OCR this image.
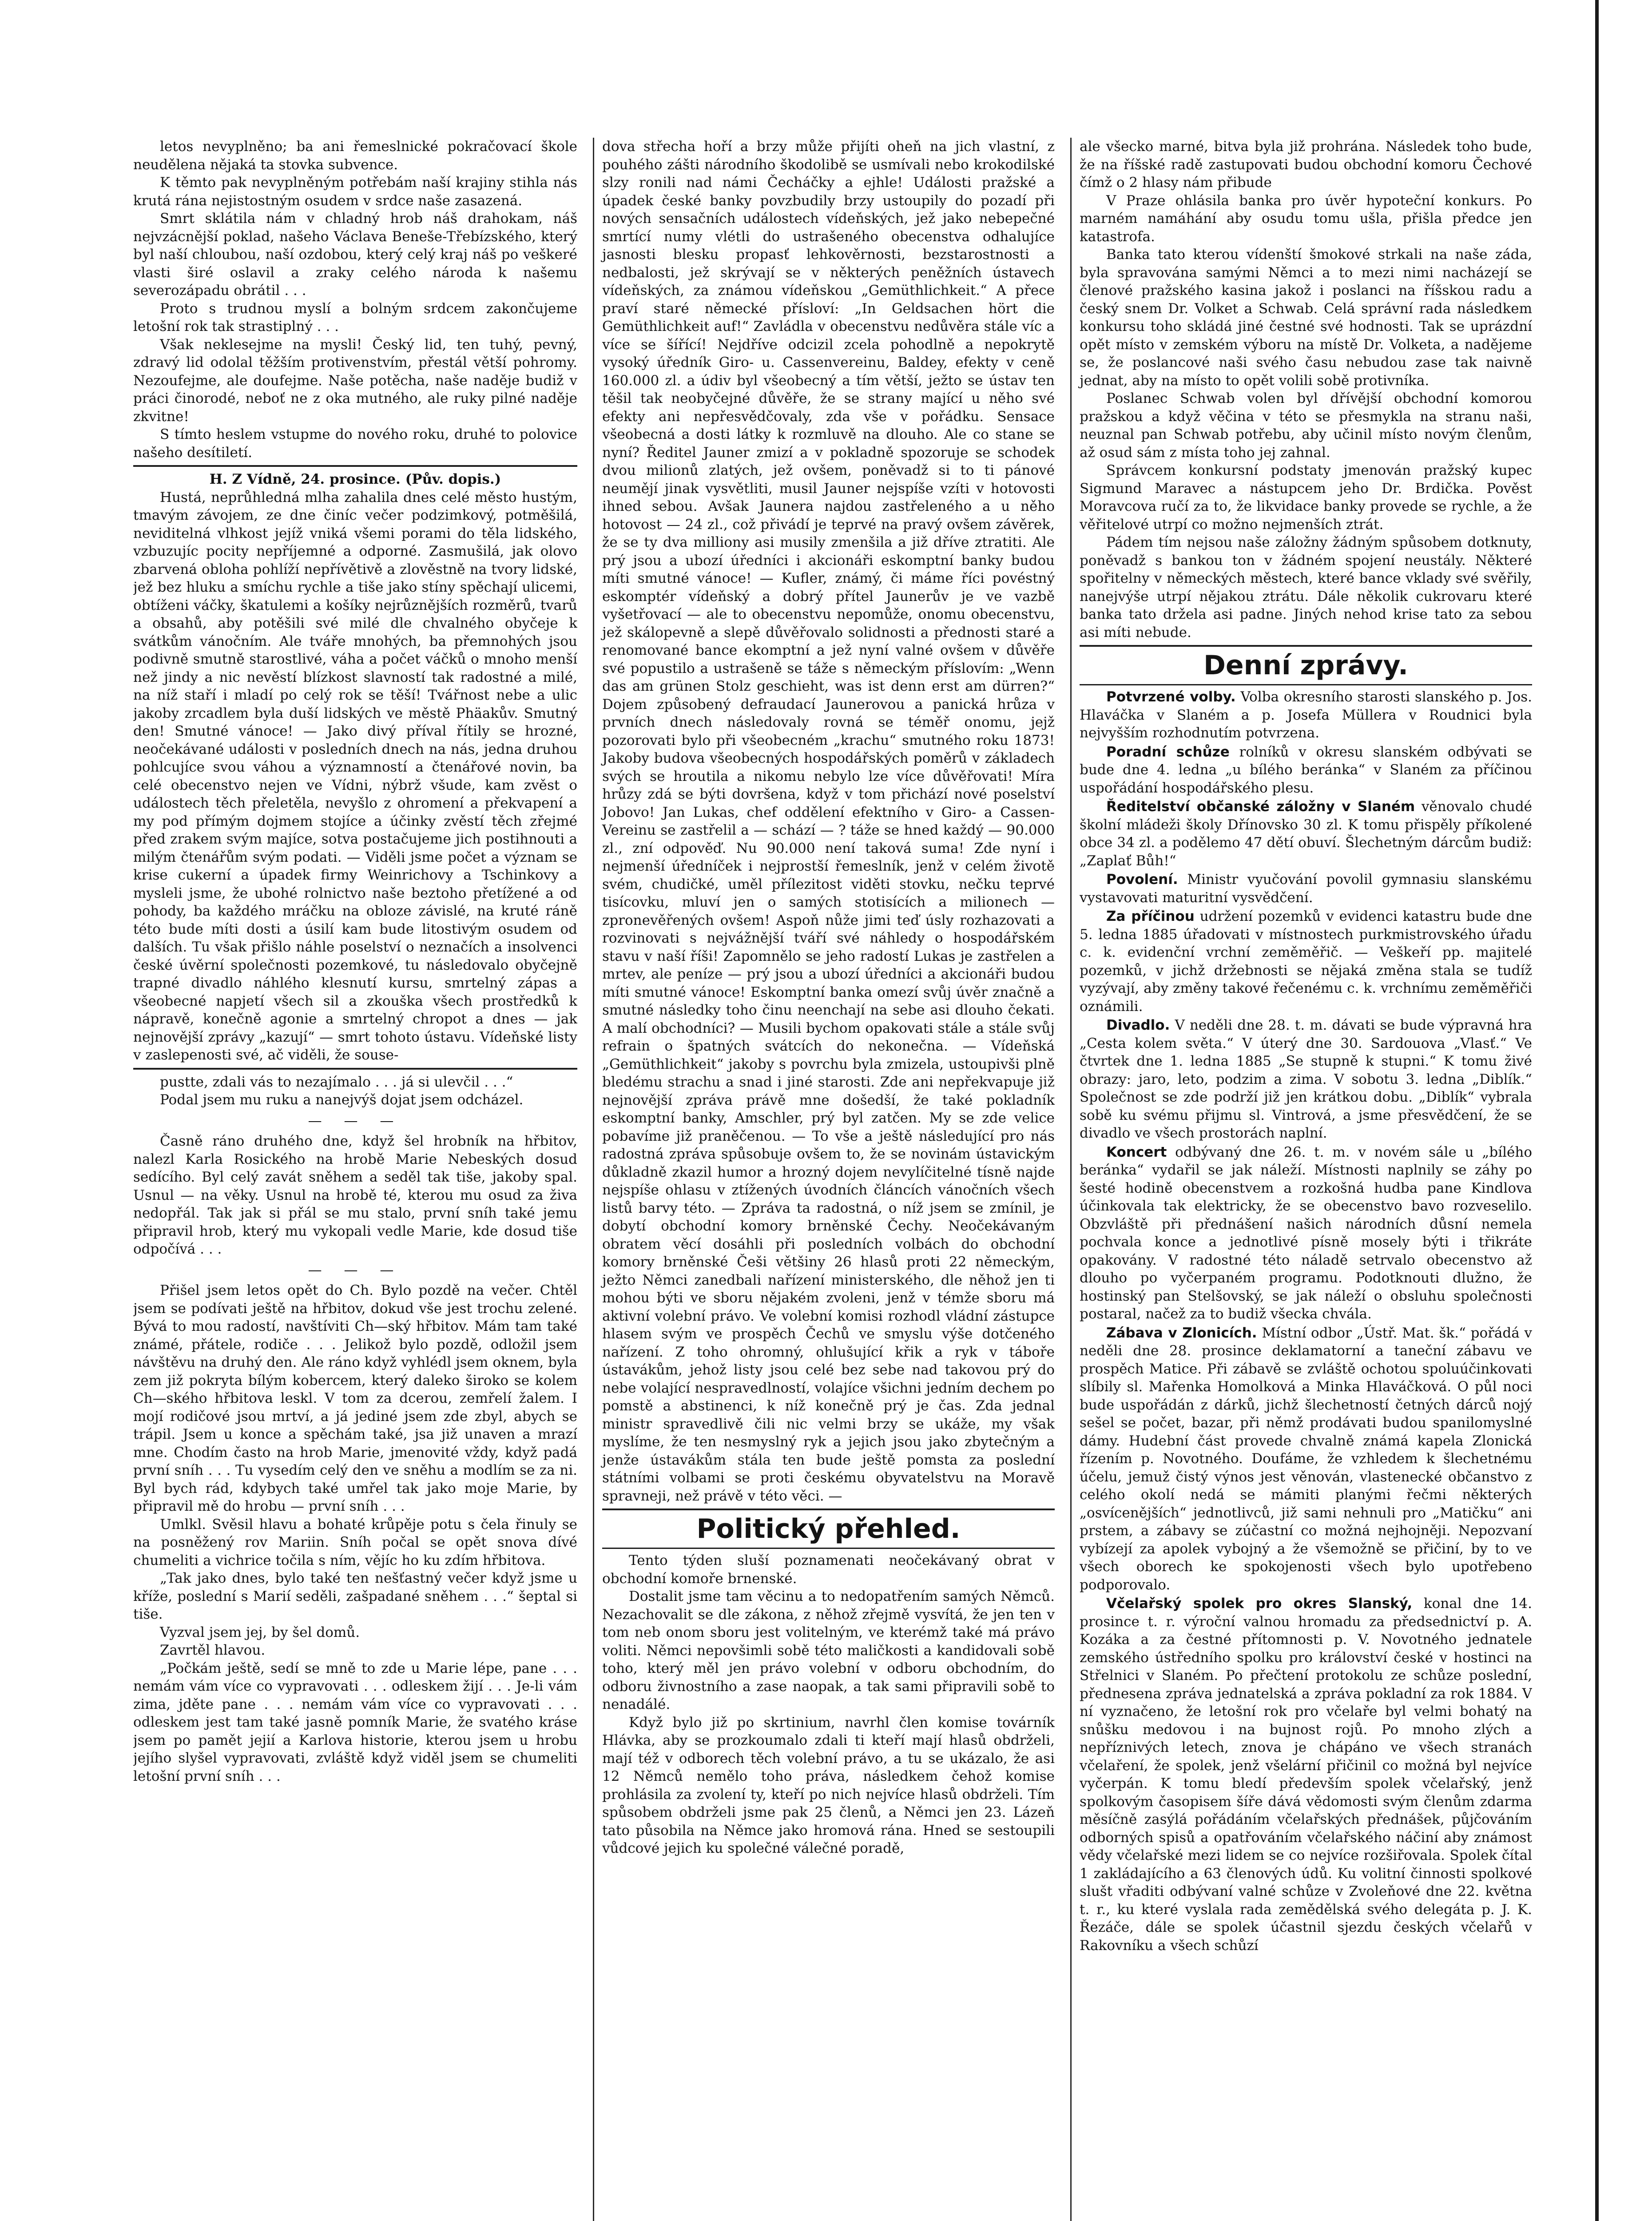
letos nevyplněno; ba ani řemeslnické pokračovací škole neudělena nějaká ta stovka subvence.

K těmto pak nevyplněným potřebám naší krajiny stihla nás krutá rána nejistostným osudem v srdce naše zasazená.

Smrt sklátila nám v chladný hrob náš drahokam, náš nejvzácnější poklad, našeho Václava Beneše-Třebízského, který byl naší chloubou, naší ozdobou, který celý kraj náš po veškeré vlasti širé oslavil a zraky celého národa k našemu severozápadu obrátil . . .

Proto s trudnou myslí a bolným srdcem zakončujeme letošní rok tak strastiplný . . .

Však neklesejme na mysli! Český lid, ten tuhý, pevný, zdravý lid odolal těžším protivenstvím, přestál větší pohromy. Nezoufejme, ale doufejme. Naše potěcha, naše naděje budiž v práci činorodé, neboť ne z oka mutného, ale ruky pilné naděje zkvitne!

S tímto heslem vstupme do nového roku, druhé to polovice našeho desítiletí.

H. Z Vídně, 24. prosince. (Pův. dopis.)

Hustá, neprůhledná mlha zahalila dnes celé město hustým, tmavým závojem, ze dne činíc večer podzimkový, potměšilá, neviditelná vlhkost jejíž vniká všemi porami do těla lidského, vzbuzujíc pocity nepříjemné a odporné. Zasmušilá, jak olovo zbarvená obloha pohlíží nepřívětivě a zlověstně na tvory lidské, jež bez hluku a smíchu rychle a tiše jako stíny spěchají ulicemi, obtíženi váčky, škatulemi a košíky nejrůznějších rozměrů, tvarů a obsahů, aby potěšili své milé dle chvalného obyčeje k svátkům vánočním. Ale tváře mnohých, ba přemnohých jsou podivně smutně starostlivé, váha a počet váčků o mnoho menší než jindy a nic nevěstí blízkost slavností tak radostné a milé, na níž staří i mladí po celý rok se těší! Tvářnost nebe a ulic jakoby zrcadlem byla duší lidských ve městě Phäakův. Smutný den! Smutné vánoce! — Jako divý příval řítily se hrozné, neočekávané události v posledních dnech na nás, jedna druhou pohlcujíce svou váhou a významností a čtenářové novin, ba celé obecenstvo nejen ve Vídni, nýbrž všude, kam zvěst o událostech těch přeletěla, nevyšlo z ohromení a překvapení a my pod přímým dojmem stojíce a účinky zvěstí těch zřejmé před zrakem svým majíce, sotva postačujeme jich postihnouti a milým čtenářům svým podati. — Viděli jsme počet a význam se krise cukerní a úpadek firmy Weinrichovy a Tschinkovy a mysleli jsme, že ubohé rolnictvo naše beztoho přetížené a od pohody, ba každého mráčku na obloze závislé, na kruté ráně této bude míti dosti a úsilí kam bude litostivým osudem od dalších. Tu však přišlo náhle poselství o neznačích a insolvenci české úvěrní společnosti pozemkové, tu následovalo obyčejně trapné divadlo náhlého klesnutí kursu, smrtelný zápas a všeobecné napjetí všech sil a zkouška všech prostředků k nápravě, konečně agonie a smrtelný chropot a dnes — jak nejnovější zprávy „kazují“ — smrt tohoto ústavu. Vídeňské listy v zaslepenosti své, ač viděli, že souse-

pustte, zdali vás to nezajímalo . . . já si ulevčil . . .“

Podal jsem mu ruku a nanejvýš dojat jsem odcházel.

— — —

Časně ráno druhého dne, když šel hrobník na hřbitov, nalezl Karla Rosického na hrobě Marie Nebeských dosud sedícího. Byl celý zavát sněhem a seděl tak tiše, jakoby spal. Usnul — na věky. Usnul na hrobě té, kterou mu osud za živa nedopřál. Tak jak si přál se mu stalo, první sníh také jemu připravil hrob, který mu vykopali vedle Marie, kde dosud tiše odpočívá . . .

— — —

Přišel jsem letos opět do Ch. Bylo pozdě na večer. Chtěl jsem se podívati ještě na hřbitov, dokud vše jest trochu zelené. Bývá to mou radostí, navštíviti Ch—ský hřbitov. Mám tam také známé, přátele, rodiče . . . Jelikož bylo pozdě, odložil jsem návštěvu na druhý den. Ale ráno když vyhlédl jsem oknem, byla zem již pokryta bílým kobercem, který daleko široko se kolem Ch—ského hřbitova leskl. V tom za dcerou, zemřelí žalem. I mojí rodičové jsou mrtví, a já jediné jsem zde zbyl, abych se trápil. Jsem u konce a spěchám také, jsa již unaven a mrazí mne. Chodím často na hrob Marie, jmenovité vždy, když padá první sníh . . . Tu vysedím celý den ve sněhu a modlím se za ni. Byl bych rád, kdybych také umřel tak jako moje Marie, by připravil mě do hrobu — první sníh . . .

Umlkl. Svěsil hlavu a bohaté krůpěje potu s čela řinuly se na posněžený rov Mariin. Sníh počal se opět snova dívé chumeliti a vichrice točila s ním, vějíc ho ku zdím hřbitova.

„Tak jako dnes, bylo také ten nešťastný večer když jsme u kříže, poslední s Marií seděli, zašpadané sněhem . . .“ šeptal si tiše.

Vyzval jsem jej, by šel domů.

Zavrtěl hlavou.

„Počkám ještě, sedí se mně to zde u Marie lépe, pane . . . nemám vám více co vypravovati . . . odleskem žijí . . . Je-li vám zima, jděte pane . . . nemám vám více co vypravovati . . . odleskem jest tam také jasně pomník Marie, že svatého kráse jsem po pamět jejií a Karlova historie, kterou jsem u hrobu jejího slyšel vypravovati, zvláště když viděl jsem se chumeliti letošní první sníh . . .

dova střecha hoří a brzy může přijíti oheň na jich vlastní, z pouhého zášti národního škodolibě se usmívali nebo krokodilské slzy ronili nad námi Čecháčky a ejhle! Události pražské a úpadek české banky povzbudily brzy ustoupily do pozadí při nových sensačních událostech vídeňských, jež jako nebepečné smrtící numy vlétli do ustrašeného obecenstva odhalujíce jasnosti blesku propasť lehkověrnosti, bezstarostnosti a nedbalosti, jež skrývají se v některých peněžních ústavech vídeňských, za známou vídeňskou „Gemüthlichkeit.“ A přece praví staré německé přísloví: „In Geldsachen hört die Gemüthlichkeit auf!“ Zavládla v obecenstvu nedůvěra stále víc a více se šířící! Nejdříve odcizil zcela pohodlně a nepokrytě vysoký úředník Giro- u. Cassenvereinu, Baldey, efekty v ceně 160.000 zl. a údiv byl všeobecný a tím větší, ježto se ústav ten těšil tak neobyčejné důvěře, že se strany mající u něho své efekty ani nepřesvědčovaly, zda vše v pořádku. Sensace všeobecná a dosti látky k rozmluvě na dlouho. Ale co stane se nyní? Ředitel Jauner zmizí a v pokladně spozoruje se schodek dvou milionů zlatých, jež ovšem, poněvadž si to ti pánové neumějí jinak vysvětliti, musil Jauner nejspíše vzíti v hotovosti ihned sebou. Avšak Jaunera najdou zastřeleného a u něho hotovost — 24 zl., což přivádí je teprvé na pravý ovšem závěrek, že se ty dva milliony asi musily zmenšila a již dříve ztratiti. Ale prý jsou a ubozí úředníci i akcionáři eskomptní banky budou míti smutné vánoce! — Kufler, známý, či máme říci povéstný eskomptér vídeňský a dobrý přítel Jaunerův je ve vazbě vyšetřovací — ale to obecenstvu nepomůže, onomu obecenstvu, jež skálopevně a slepě důvěřovalo solidnosti a přednosti staré a renomované bance ekomptní a jež nyní valné ovšem v důvěře své popustilo a ustrašeně se táže s německým příslovím: „Wenn das am grünen Stolz geschieht, was ist denn erst am dürren?“ Dojem způsobený defraudací Jaunerovou a panická hrůza v prvních dnech následovaly rovná se téměř onomu, jejž pozorovati bylo při všeobecném „krachu“ smutného roku 1873! Jakoby budova všeobecných hospodářských poměrů v základech svých se hroutila a nikomu nebylo lze více důvěřovati! Míra hrůzy zdá se býti dovršena, když v tom přichází nové poselství Jobovo! Jan Lukas, chef oddělení efektního v Giro- a Cassen-Vereinu se zastřelil a — schází — ? táže se hned každý — 90.000 zl., zní odpověď. Nu 90.000 není taková suma! Zde nyní i nejmenší úředníček i nejprostší řemeslník, jenž v celém životě svém, chudičké, uměl přílezitost viděti stovku, nečku teprvé tisícovku, mluví jen o samých stotisících a milionech — zpronevěřených ovšem! Aspoň nůže jimi teď úsly rozhazovati a rozvinovati s nejvážnější tváří své náhledy o hospodářském stavu v naší říši! Zapomnělo se jeho radostí Lukas je zastřelen a mrtev, ale peníze — prý jsou a ubozí úředníci a akcionáři budou míti smutné vánoce! Eskomptní banka omezí svůj úvěr značně a smutné následky toho činu neenchají na sebe asi dlouho čekati. A malí obchodníci? — Musili bychom opakovati stále a stále svůj refrain o špatných svátcích do nekonečna. — Vídeňská „Gemüthlichkeit“ jakoby s povrchu byla zmizela, ustoupivši plně bledému strachu a snad i jiné starosti. Zde ani nepřekvapuje již nejnovější zpráva právě mne došedší, že také pokladník eskomptní banky, Amschler, prý byl zatčen. My se zde velice pobavíme již praněčenou. — To vše a ještě následující pro nás radostná zpráva spůsobuje ovšem to, že se novinám ústavickým důkladně zkazil humor a hrozný dojem nevylíčitelné tísně najde nejspíše ohlasu v ztížených úvodních článcích vánočních všech listů barvy této. — Zpráva ta radostná, o níž jsem se zmínil, je dobytí obchodní komory brněnské Čechy. Neočekávaným obratem věcí dosáhli při posledních volbách do obchodní komory brněnské Češi většiny 26 hlasů proti 22 německým, ježto Němci zanedbali nařízení ministerského, dle něhož jen ti mohou býti ve sboru nějakém zvoleni, jenž v témže sboru má aktivní volební právo. Ve volební komisi rozhodl vládní zástupce hlasem svým ve prospěch Čechů ve smyslu výše dotčeného nařízení. Z toho ohromný, ohlušující křik a ryk v táboře ústavákům, jehož listy jsou celé bez sebe nad takovou prý do nebe volající nespravedlností, volajíce všichni jedním dechem po pomstě a abstinenci, k níž konečně prý je čas. Zda jednal ministr spravedlivě čili nic velmi brzy se ukáže, my však myslíme, že ten nesmyslný ryk a jejich jsou jako zbytečným a jenže ústavákům stála ten bude ještě pomsta za poslední státními volbami se proti českému obyvatelstvu na Moravě spravneji, než právě v této věci. —

Politický přehled.

Tento týden sluší poznamenati neočekávaný obrat v obchodní komoře brnenské.

Dostalit jsme tam věcinu a to nedopatřením samých Němců. Nezachovalit se dle zákona, z něhož zřejmě vysvítá, že jen ten v tom neb onom sboru jest volitelným, ve kterémž také má právo voliti. Němci nepovšimli sobě této maličkosti a kandidovali sobě toho, který měl jen právo volební v odboru obchodním, do odboru živnostního a zase naopak, a tak sami připravili sobě to nenadálé.

Když bylo již po skrtinium, navrhl člen komise továrník Hlávka, aby se prozkoumalo zdali ti kteří mají hlasů obdrželi, mají též v odborech těch volební právo, a tu se ukázalo, že asi 12 Němců nemělo toho práva, následkem čehož komise prohlásila za zvolení ty, kteří po nich nejvíce hlasů obdrželi. Tím spůsobem obdrželi jsme pak 25 členů, a Němci jen 23. Lázeň tato působila na Němce jako hromová rána. Hned se sestoupili vůdcové jejich ku společné válečné poradě,

ale všecko marné, bitva byla již prohrána. Následek toho bude, že na říšské radě zastupovati budou obchodní komoru Čechové čímž o 2 hlasy nám přibude

V Praze ohlásila banka pro úvěr hypoteční konkurs. Po marném namáhání aby osudu tomu ušla, přišla předce jen katastrofa.

Banka tato kterou vídenští šmokové strkali na naše záda, byla spravována samými Němci a to mezi nimi nacházejí se členové pražského kasina jakož i poslanci na říšskou radu a český snem Dr. Volket a Schwab. Celá správní rada následkem konkursu toho skládá jiné čestné své hodnosti. Tak se uprázdní opět místo v zemském výboru na místě Dr. Volketa, a nadějeme se, že poslancové naši svého času nebudou zase tak naivně jednat, aby na místo to opět volili sobě protivníka.

Poslanec Schwab volen byl dřívější obchodní komorou pražskou a když věčina v této se přesmykla na stranu naši, neuznal pan Schwab potřebu, aby učinil místo novým členům, až osud sám z místa toho jej zahnal.

Správcem konkursní podstaty jmenován pražský kupec Sigmund Maravec a nástupcem jeho Dr. Brdička. Pověst Moravcova ručí za to, že likvidace banky provede se rychle, a že věřitelové utrpí co možno nejmenších ztrát.

Pádem tím nejsou naše záložny žádným spůsobem dotknuty, poněvadž s bankou ton v žádném spojení neustály. Některé spořitelny v německých městech, které bance vklady své svěřily, nanejvýše utrpí nějakou ztrátu. Dále několik cukrovaru které banka tato držela asi padne. Jiných nehod krise tato za sebou asi míti nebude.

Denní zprávy.

Potvrzené volby. Volba okresního starosti slanského p. Jos. Hlaváčka v Slaném a p. Josefa Müllera v Roudnici byla nejvyšším rozhodnutím potvrzena.

Poradní schůze rolníků v okresu slanském odbývati se bude dne 4. ledna „u bílého beránka“ v Slaném za příčinou uspořádání hospodářského plesu.

Ředitelství občanské záložny v Slaném věnovalo chudé školní mládeži školy Dřínovsko 30 zl. K tomu přispěly příkolené obce 34 zl. a podělemo 47 dětí obuví. Šlechetným dárcům budiž: „Zaplať Bůh!“

Povolení. Ministr vyučování povolil gymnasiu slanskému vystavovati maturitní vysvědčení.

Za příčinou udržení pozemků v evidenci katastru bude dne 5. ledna 1885 úřadovati v místnostech purkmistrovského úřadu c. k. evidenční vrchní zeměměřič. — Veškeří pp. majitelé pozemků, v jichž držebnosti se nějaká změna stala se tudíž vyzývají, aby změny takové řečenému c. k. vrchnímu zeměměřiči oznámili.

Divadlo. V neděli dne 28. t. m. dávati se bude výpravná hra „Cesta kolem světa.“ V úterý dne 30. Sardouova „Vlasť.“ Ve čtvrtek dne 1. ledna 1885 „Se stupně k stupni.“ K tomu živé obrazy: jaro, leto, podzim a zima. V sobotu 3. ledna „Diblík.“ Společnost se zde podrží již jen krátkou dobu. „Diblík“ vybrala sobě ku svému přijmu sl. Vintrová, a jsme přesvědčení, že se divadlo ve všech prostorách naplní.

Koncert odbývaný dne 26. t. m. v novém sále u „bílého beránka“ vydařil se jak náleží. Místnosti naplnily se záhy po šesté hodině obecenstvem a rozkošná hudba pane Kindlova účinkovala tak elektricky, že se obecenstvo bavo rozveselilo. Obzvláště při přednášení našich národních důsní nemela pochvala konce a jednotlivé písně mosely býti i třikráte opakovány. V radostné této náladě setrvalo obecenstvo až dlouho po vyčerpaném programu. Podotknouti dlužno, že hostinský pan Stelšovský, se jak náleží o obsluhu společnosti postaral, načež za to budiž všecka chvála.

Zábava v Zlonicích. Místní odbor „Ústř. Mat. šk.“ pořádá v neděli dne 28. prosince deklamatorní a taneční zábavu ve prospěch Matice. Při zábavě se zvláště ochotou spoluúčinkovati slíbily sl. Mařenka Homolková a Minka Hlaváčková. O půl noci bude uspořádán z dárků, jichž šlechetností četných dárců nojý sešel se počet, bazar, při němž prodávati budou spanilomyslné dámy. Hudební část provede chvalně známá kapela Zlonická řízením p. Novotného. Doufáme, že vzhledem k šlechetnému účelu, jemuž čistý výnos jest věnován, vlastenecké občanstvo z celého okolí nedá se mámiti planými řečmi některých „osvícenějších“ jednotlivců, již sami nehnuli pro „Matičku“ ani prstem, a zábavy se zúčastní co možná nejhojněji. Nepozvaní vybízejí za apolek vybojný a že všemožně se přičiní, by to ve všech oborech ke spokojenosti všech bylo upotřebeno podporovalo.

Včelařský spolek pro okres Slanský, konal dne 14. prosince t. r. výroční valnou hromadu za předsednictví p. A. Kozáka a za čestné přítomnosti p. V. Novotného jednatele zemského ústředního spolku pro království české v hostinci na Střelnici v Slaném. Po přečtení protokolu ze schůze poslední, přednesena zpráva jednatelská a zpráva pokladní za rok 1884. V ní vyznačeno, že letošní rok pro včelaře byl velmi bohatý na snůšku medovou i na bujnost rojů. Po mnoho zlých a nepříznivých letech, znova je chápáno ve všech stranách včelaření, že spolek, jenž všelární přičinil co možná byl nejvíce vyčerpán. K tomu bledí především spolek včelařský, jenž spolkovým časopisem šíře dává vědomosti svým členům zdarma měsíčně zasýlá pořádáním včelařských přednášek, půjčováním odborných spisů a opatřováním včelařského náčiní aby známost vědy včelařské mezi lidem se co nejvíce rozšiřovala. Spolek čítal 1 zakládajícího a 63 členových údů. Ku volitní činnosti spolkové slušt vřaditi odbývaní valné schůze v Zvoleňové dne 22. května t. r., ku které vyslala rada zemědělská svého delegáta p. J. K. Řezáče, dále se spolek účastnil sjezdu českých včelařů v Rakovníku a všech schůzí
